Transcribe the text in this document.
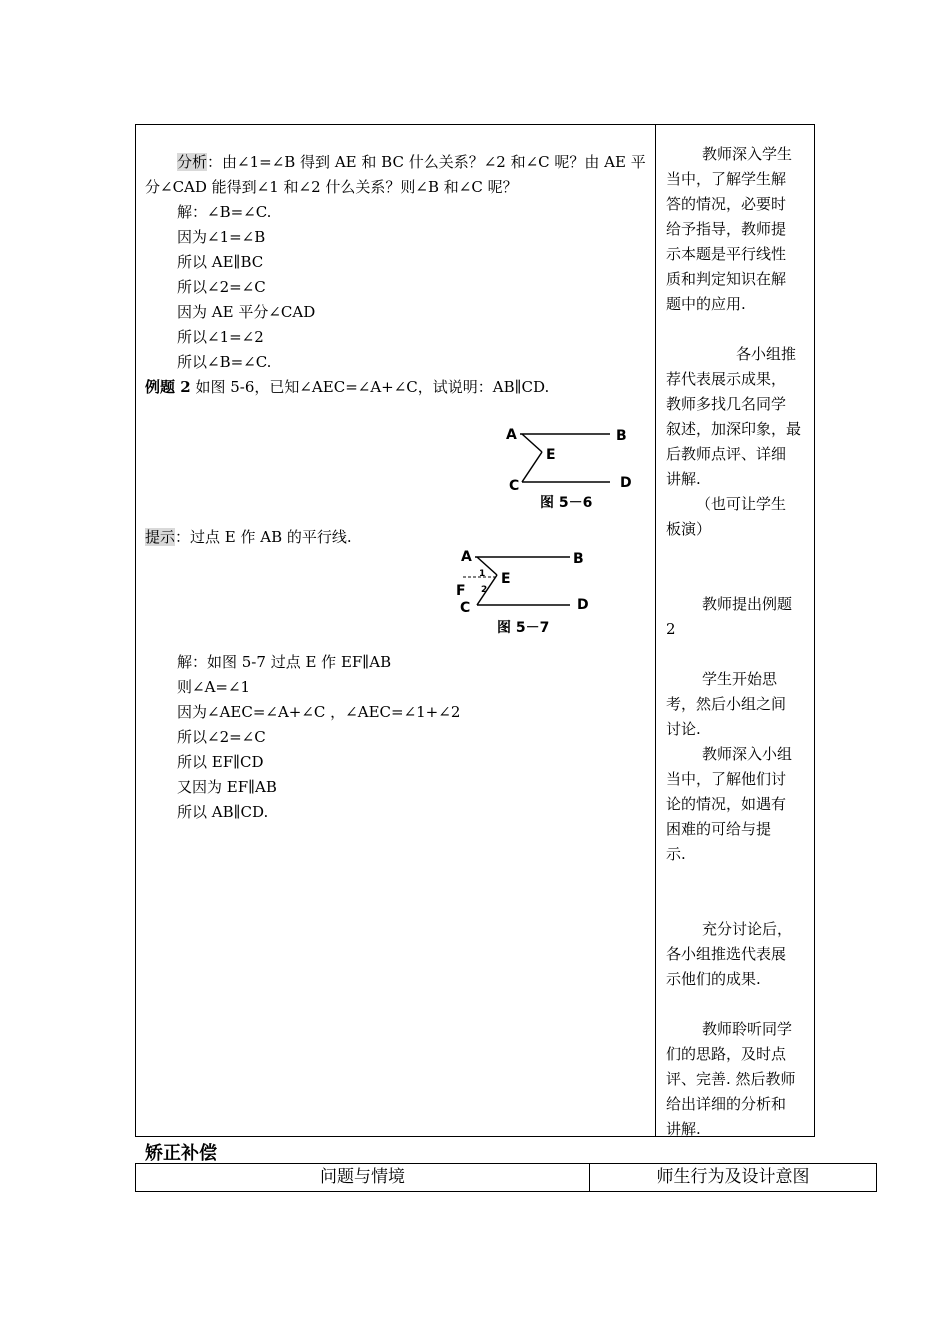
分析：由∠1=∠B 得到 AE 和 BC 什么关系？∠2 和∠C 呢？由 AE 平
分∠CAD 能得到∠1 和∠2 什么关系？则∠B 和∠C 呢？
解：∠B=∠C.
因为∠1=∠B
所以 AE∥BC
所以∠2=∠C
因为 AE 平分∠CAD
所以∠1=∠2
所以∠B=∠C.
例题 2 如图 5-6，已知∠AEC=∠A+∠C，试说明：AB∥CD.
提示：过点 E 作 AB 的平行线.
解：如图 5-7 过点 E 作 EF∥AB
则∠A=∠1
因为∠AEC=∠A+∠C ，∠AEC=∠1+∠2
所以∠2=∠C
所以 EF∥CD
又因为 EF∥AB
所以 AB∥CD.
A	B
E
C	D
图 5－6
A	B
E
F
1
2
C	D
图 5－7

教师深入学生

当中，了解学生解

答的情况，必要时

给予指导，教师提

示本题是平行线性

质和判定知识在解

题中的应用.

各小组推

荐代表展示成果，

教师多找几名同学

叙述，加深印象，最

后教师点评、详细

讲解.

（也可让学生

板演）

教师提出例题

2

学生开始思

考，然后小组之间

讨论.

教师深入小组

当中，了解他们讨

论的情况，如遇有

困难的可给与提

示.

充分讨论后，

各小组推选代表展

示他们的成果.

教师聆听同学

们的思路，及时点

评、完善. 然后教师

给出详细的分析和

讲解.

矫正补偿
问题与情境	师生行为及设计意图
